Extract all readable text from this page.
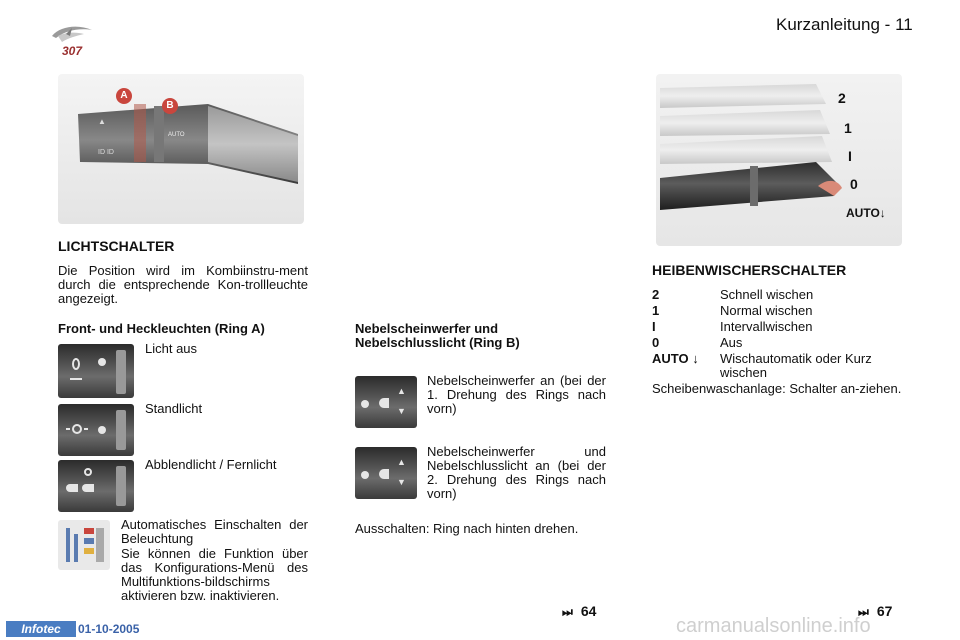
307
Kurzanleitung - 11
ID ID
AUTO
▲
A
B
LICHTSCHALTER
Die Position wird im Kombiinstru-ment durch die entsprechende Kon-trollleuchte angezeigt.
Front- und Heckleuchten (Ring A)
Licht aus
Standlicht
Abblendlicht / Fernlicht
Automatisches Einschalten der Beleuchtung
Sie können die Funktion über das Konfigurations-Menü des Multifunktions-bildschirms aktivieren bzw. inaktivieren.
Nebelscheinwerfer und
Nebelschlusslicht (Ring B)
▲

▼
Nebelscheinwerfer an (bei der 1. Drehung des Rings nach vorn)
▲

▼
Nebelscheinwerfer und Nebelschlusslicht an (bei der 2. Drehung des Rings nach vorn)
Ausschalten: Ring nach hinten drehen.
⏭ 64
2
1
I
0
AUTO↓
HEIBENWISCHERSCHALTER
2	Schnell wischen
1	Normal wischen
I	Intervallwischen
0	Aus
AUTO ↓ Wischautomatik oder Kurz wischen
Scheibenwaschanlage: Schalter an-ziehen.
⏭ 67
Infotec	01-10-2005	carmanualsonline.info
